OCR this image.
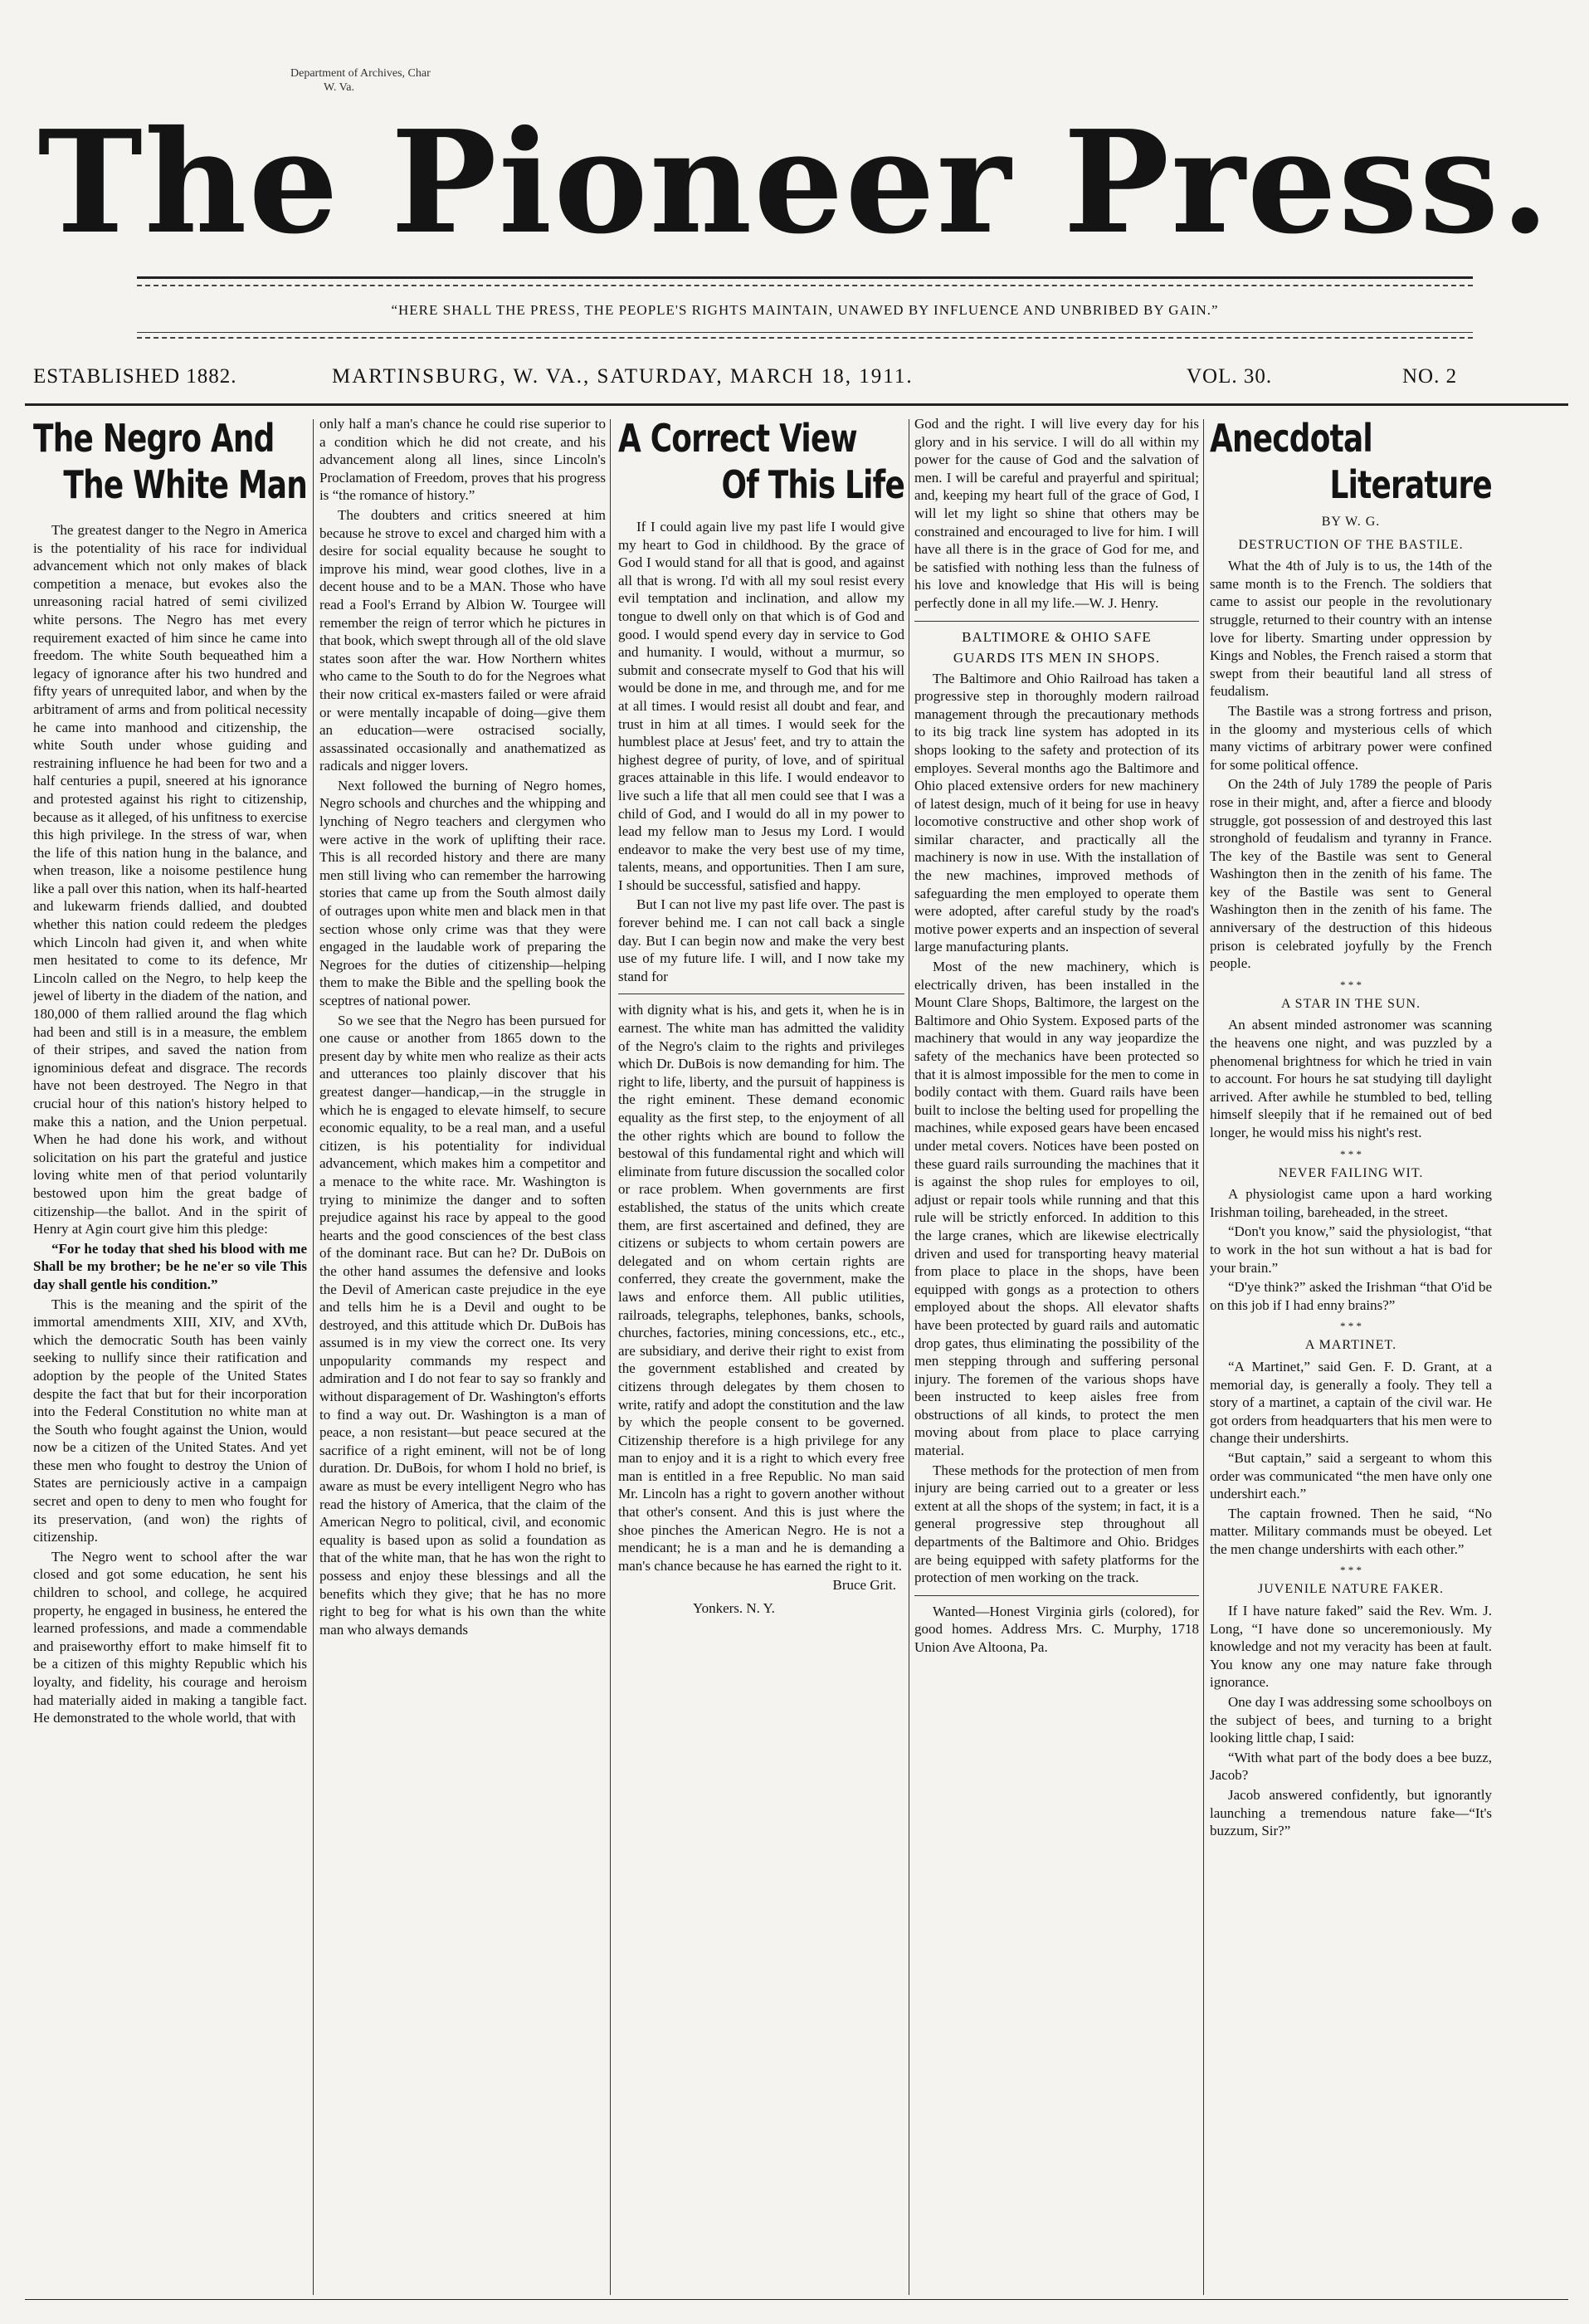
Department of Archives, Char
W. Va.
The Pioneer Press.
“HERE SHALL THE PRESS, THE PEOPLE'S RIGHTS MAINTAIN, UNAWED BY INFLUENCE AND UNBRIBED BY GAIN.”
ESTABLISHED 1882.	MARTINSBURG, W. VA., SATURDAY, MARCH 18, 1911.	VOL. 30.	NO. 2
The Negro And
The White Man

The greatest danger to the Negro in America is the potentiality of his race for individual advancement which not only makes of black competition a menace, but evokes also the unreasoning racial hatred of semi civilized white persons. The Negro has met every requirement exacted of him since he came into freedom. The white South bequeathed him a legacy of ignorance after his two hundred and fifty years of unrequited labor, and when by the arbitrament of arms and from political necessity he came into manhood and citizenship, the white South under whose guiding and restraining influence he had been for two and a half centuries a pupil, sneered at his ignorance and protested against his right to citizenship, because as it alleged, of his unfitness to exercise this high privilege. In the stress of war, when the life of this nation hung in the balance, and when treason, like a noisome pestilence hung like a pall over this nation, when its half-hearted and lukewarm friends dallied, and doubted whether this nation could redeem the pledges which Lincoln had given it, and when white men hesitated to come to its defence, Mr Lincoln called on the Negro, to help keep the jewel of liberty in the diadem of the nation, and 180,000 of them rallied around the flag which had been and still is in a measure, the emblem of their stripes, and saved the nation from ignominious defeat and disgrace. The records have not been destroyed. The Negro in that crucial hour of this nation's history helped to make this a nation, and the Union perpetual. When he had done his work, and without solicitation on his part the grateful and justice loving white men of that period voluntarily bestowed upon him the great badge of citizenship—the ballot. And in the spirit of Henry at Agin court give him this pledge:

“For he today that shed his blood with me Shall be my brother; be he ne'er so vile This day shall gentle his condition.”

This is the meaning and the spirit of the immortal amendments XIII, XIV, and XVth, which the democratic South has been vainly seeking to nullify since their ratification and adoption by the people of the United States despite the fact that but for their incorporation into the Federal Constitution no white man at the South who fought against the Union, would now be a citizen of the United States. And yet these men who fought to destroy the Union of States are perniciously active in a campaign secret and open to deny to men who fought for its preservation, (and won) the rights of citizenship.

The Negro went to school after the war closed and got some education, he sent his children to school, and college, he acquired property, he engaged in business, he entered the learned professions, and made a commendable and praiseworthy effort to make himself fit to be a citizen of this mighty Republic which his loyalty, and fidelity, his courage and heroism had materially aided in making a tangible fact. He demonstrated to the whole world, that with

only half a man's chance he could rise superior to a condition which he did not create, and his advancement along all lines, since Lincoln's Proclamation of Freedom, proves that his progress is “the romance of history.”

The doubters and critics sneered at him because he strove to excel and charged him with a desire for social equality because he sought to improve his mind, wear good clothes, live in a decent house and to be a MAN. Those who have read a Fool's Errand by Albion W. Tourgee will remember the reign of terror which he pictures in that book, which swept through all of the old slave states soon after the war. How Northern whites who came to the South to do for the Negroes what their now critical ex-masters failed or were afraid or were mentally incapable of doing—give them an education—were ostracised socially, assassinated occasionally and anathematized as radicals and nigger lovers.

Next followed the burning of Negro homes, Negro schools and churches and the whipping and lynching of Negro teachers and clergymen who were active in the work of uplifting their race. This is all recorded history and there are many men still living who can remember the harrowing stories that came up from the South almost daily of outrages upon white men and black men in that section whose only crime was that they were engaged in the laudable work of preparing the Negroes for the duties of citizenship—helping them to make the Bible and the spelling book the sceptres of national power.

So we see that the Negro has been pursued for one cause or another from 1865 down to the present day by white men who realize as their acts and utterances too plainly discover that his greatest danger—handicap,—in the struggle in which he is engaged to elevate himself, to secure economic equality, to be a real man, and a useful citizen, is his potentiality for individual advancement, which makes him a competitor and a menace to the white race. Mr. Washington is trying to minimize the danger and to soften prejudice against his race by appeal to the good hearts and the good consciences of the best class of the dominant race. But can he? Dr. DuBois on the other hand assumes the defensive and looks the Devil of American caste prejudice in the eye and tells him he is a Devil and ought to be destroyed, and this attitude which Dr. DuBois has assumed is in my view the correct one. Its very unpopularity commands my respect and admiration and I do not fear to say so frankly and without disparagement of Dr. Washington's efforts to find a way out. Dr. Washington is a man of peace, a non resistant—but peace secured at the sacrifice of a right eminent, will not be of long duration. Dr. DuBois, for whom I hold no brief, is aware as must be every intelligent Negro who has read the history of America, that the claim of the American Negro to political, civil, and economic equality is based upon as solid a foundation as that of the white man, that he has won the right to possess and enjoy these blessings and all the benefits which they give; that he has no more right to beg for what is his own than the white man who always demands

A Correct View
Of This Life

If I could again live my past life I would give my heart to God in childhood. By the grace of God I would stand for all that is good, and against all that is wrong. I'd with all my soul resist every evil temptation and inclination, and allow my tongue to dwell only on that which is of God and good. I would spend every day in service to God and humanity. I would, without a murmur, so submit and consecrate myself to God that his will would be done in me, and through me, and for me at all times. I would resist all doubt and fear, and trust in him at all times. I would seek for the humblest place at Jesus' feet, and try to attain the highest degree of purity, of love, and of spiritual graces attainable in this life. I would endeavor to live such a life that all men could see that I was a child of God, and I would do all in my power to lead my fellow man to Jesus my Lord. I would endeavor to make the very best use of my time, talents, means, and opportunities. Then I am sure, I should be successful, satisfied and happy.

But I can not live my past life over. The past is forever behind me. I can not call back a single day. But I can begin now and make the very best use of my future life. I will, and I now take my stand for

with dignity what is his, and gets it, when he is in earnest. The white man has admitted the validity of the Negro's claim to the rights and privileges which Dr. DuBois is now demanding for him. The right to life, liberty, and the pursuit of happiness is the right eminent. These demand economic equality as the first step, to the enjoyment of all the other rights which are bound to follow the bestowal of this fundamental right and which will eliminate from future discussion the socalled color or race problem. When governments are first established, the status of the units which create them, are first ascertained and defined, they are citizens or subjects to whom certain powers are delegated and on whom certain rights are conferred, they create the government, make the laws and enforce them. All public utilities, railroads, telegraphs, telephones, banks, schools, churches, factories, mining concessions, etc., etc., are subsidiary, and derive their right to exist from the government established and created by citizens through delegates by them chosen to write, ratify and adopt the constitution and the law by which the people consent to be governed. Citizenship therefore is a high privilege for any man to enjoy and it is a right to which every free man is entitled in a free Republic. No man said Mr. Lincoln has a right to govern another without that other's consent. And this is just where the shoe pinches the American Negro. He is not a mendicant; he is a man and he is demanding a man's chance because he has earned the right to it.

Bruce Grit.
Yonkers. N. Y.

God and the right. I will live every day for his glory and in his service. I will do all within my power for the cause of God and the salvation of men. I will be careful and prayerful and spiritual; and, keeping my heart full of the grace of God, I will let my light so shine that others may be constrained and encouraged to live for him. I will have all there is in the grace of God for me, and be satisfied with nothing less than the fulness of his love and knowledge that His will is being perfectly done in all my life.—W. J. Henry.

BALTIMORE & OHIO SAFE
GUARDS ITS MEN IN SHOPS.

The Baltimore and Ohio Railroad has taken a progressive step in thoroughly modern railroad management through the precautionary methods to its big track line system has adopted in its shops looking to the safety and protection of its employes. Several months ago the Baltimore and Ohio placed extensive orders for new machinery of latest design, much of it being for use in heavy locomotive constructive and other shop work of similar character, and practically all the machinery is now in use. With the installation of the new machines, improved methods of safeguarding the men employed to operate them were adopted, after careful study by the road's motive power experts and an inspection of several large manufacturing plants.

Most of the new machinery, which is electrically driven, has been installed in the Mount Clare Shops, Baltimore, the largest on the Baltimore and Ohio System. Exposed parts of the machinery that would in any way jeopardize the safety of the mechanics have been protected so that it is almost impossible for the men to come in bodily contact with them. Guard rails have been built to inclose the belting used for propelling the machines, while exposed gears have been encased under metal covers. Notices have been posted on these guard rails surrounding the machines that it is against the shop rules for employes to oil, adjust or repair tools while running and that this rule will be strictly enforced. In addition to this the large cranes, which are likewise electrically driven and used for transporting heavy material from place to place in the shops, have been equipped with gongs as a protection to others employed about the shops. All elevator shafts have been protected by guard rails and automatic drop gates, thus eliminating the possibility of the men stepping through and suffering personal injury. The foremen of the various shops have been instructed to keep aisles free from obstructions of all kinds, to protect the men moving about from place to place carrying material.

These methods for the protection of men from injury are being carried out to a greater or less extent at all the shops of the system; in fact, it is a general progressive step throughout all departments of the Baltimore and Ohio. Bridges are being equipped with safety platforms for the protection of men working on the track.

Wanted—Honest Virginia girls (colored), for good homes. Address Mrs. C. Murphy, 1718 Union Ave Altoona, Pa.

Anecdotal
Literature
BY W. G.
DESTRUCTION OF THE BASTILE.

What the 4th of July is to us, the 14th of the same month is to the French. The soldiers that came to assist our people in the revolutionary struggle, returned to their country with an intense love for liberty. Smarting under oppression by Kings and Nobles, the French raised a storm that swept from their beautiful land all stress of feudalism.

The Bastile was a strong fortress and prison, in the gloomy and mysterious cells of which many victims of arbitrary power were confined for some political offence.

On the 24th of July 1789 the people of Paris rose in their might, and, after a fierce and bloody struggle, got possession of and destroyed this last stronghold of feudalism and tyranny in France. The key of the Bastile was sent to General Washington then in the zenith of his fame. The key of the Bastile was sent to General Washington then in the zenith of his fame. The anniversary of the destruction of this hideous prison is celebrated joyfully by the French people.

* * *
A STAR IN THE SUN.

An absent minded astronomer was scanning the heavens one night, and was puzzled by a phenomenal brightness for which he tried in vain to account. For hours he sat studying till daylight arrived. After awhile he stumbled to bed, telling himself sleepily that if he remained out of bed longer, he would miss his night's rest.

* * *
NEVER FAILING WIT.

A physiologist came upon a hard working Irishman toiling, bareheaded, in the street.

“Don't you know,” said the physiologist, “that to work in the hot sun without a hat is bad for your brain.”

“D'ye think?” asked the Irishman “that O'id be on this job if I had enny brains?”

* * *
A MARTINET.

“A Martinet,” said Gen. F. D. Grant, at a memorial day, is generally a fooly. They tell a story of a martinet, a captain of the civil war. He got orders from headquarters that his men were to change their undershirts.

“But captain,” said a sergeant to whom this order was communicated “the men have only one undershirt each.”

The captain frowned. Then he said, “No matter. Military commands must be obeyed. Let the men change undershirts with each other.”

* * *
JUVENILE NATURE FAKER.

If I have nature faked” said the Rev. Wm. J. Long, “I have done so unceremoniously. My knowledge and not my veracity has been at fault. You know any one may nature fake through ignorance.

One day I was addressing some schoolboys on the subject of bees, and turning to a bright looking little chap, I said:

“With what part of the body does a bee buzz, Jacob?

Jacob answered confidently, but ignorantly launching a tremendous nature fake—“It's buzzum, Sir?”
